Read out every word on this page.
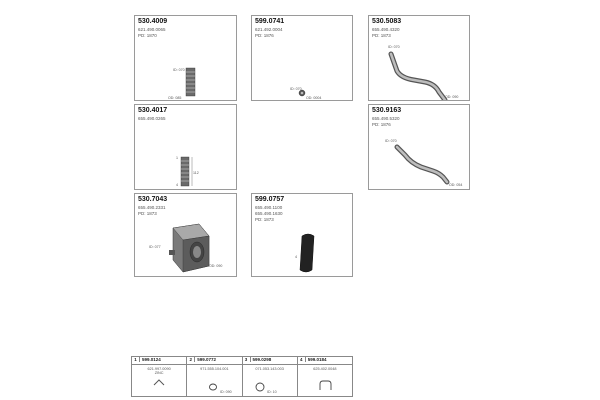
530.4009
621.490.0065
PD: 1870
ID: 070
OD: 085
599.0741
621.492.0004
PD: 1876
ID: 070
OD: 0004
530.5083
655.490.4320
PD: 1873
ID: 070
OD: 090
530.4017
655.490.0265
1
112
4
530.9163
655.490.5320
PD: 1876
ID: 070
OD: 054
530.7043
655.490.2331
PD: 1873
ID: 077
OD: 090
599.0757
655.490.1100
655.490.1630
PD: 1873
4
1 599.0124
621.997.0090
ZINC

2 599.0772
971.555.104.001
ID: 090

3 599.0298
071.053.143.003
ID: 10

4 599.0184
625.402.0048
